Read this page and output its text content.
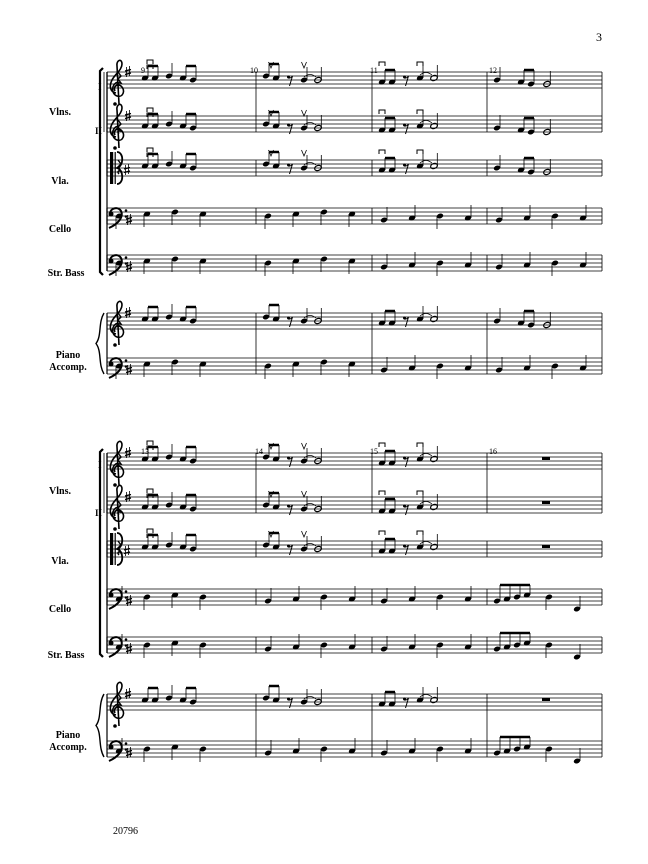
3
20796
Vlns.
I
II
Vla.
Cello
Str. Bass
Piano
Accomp.
Vlns.
I
II
Vla.
Cello
Str. Bass
Piano
Accomp.
9	10	11	12
13	14	15	16
